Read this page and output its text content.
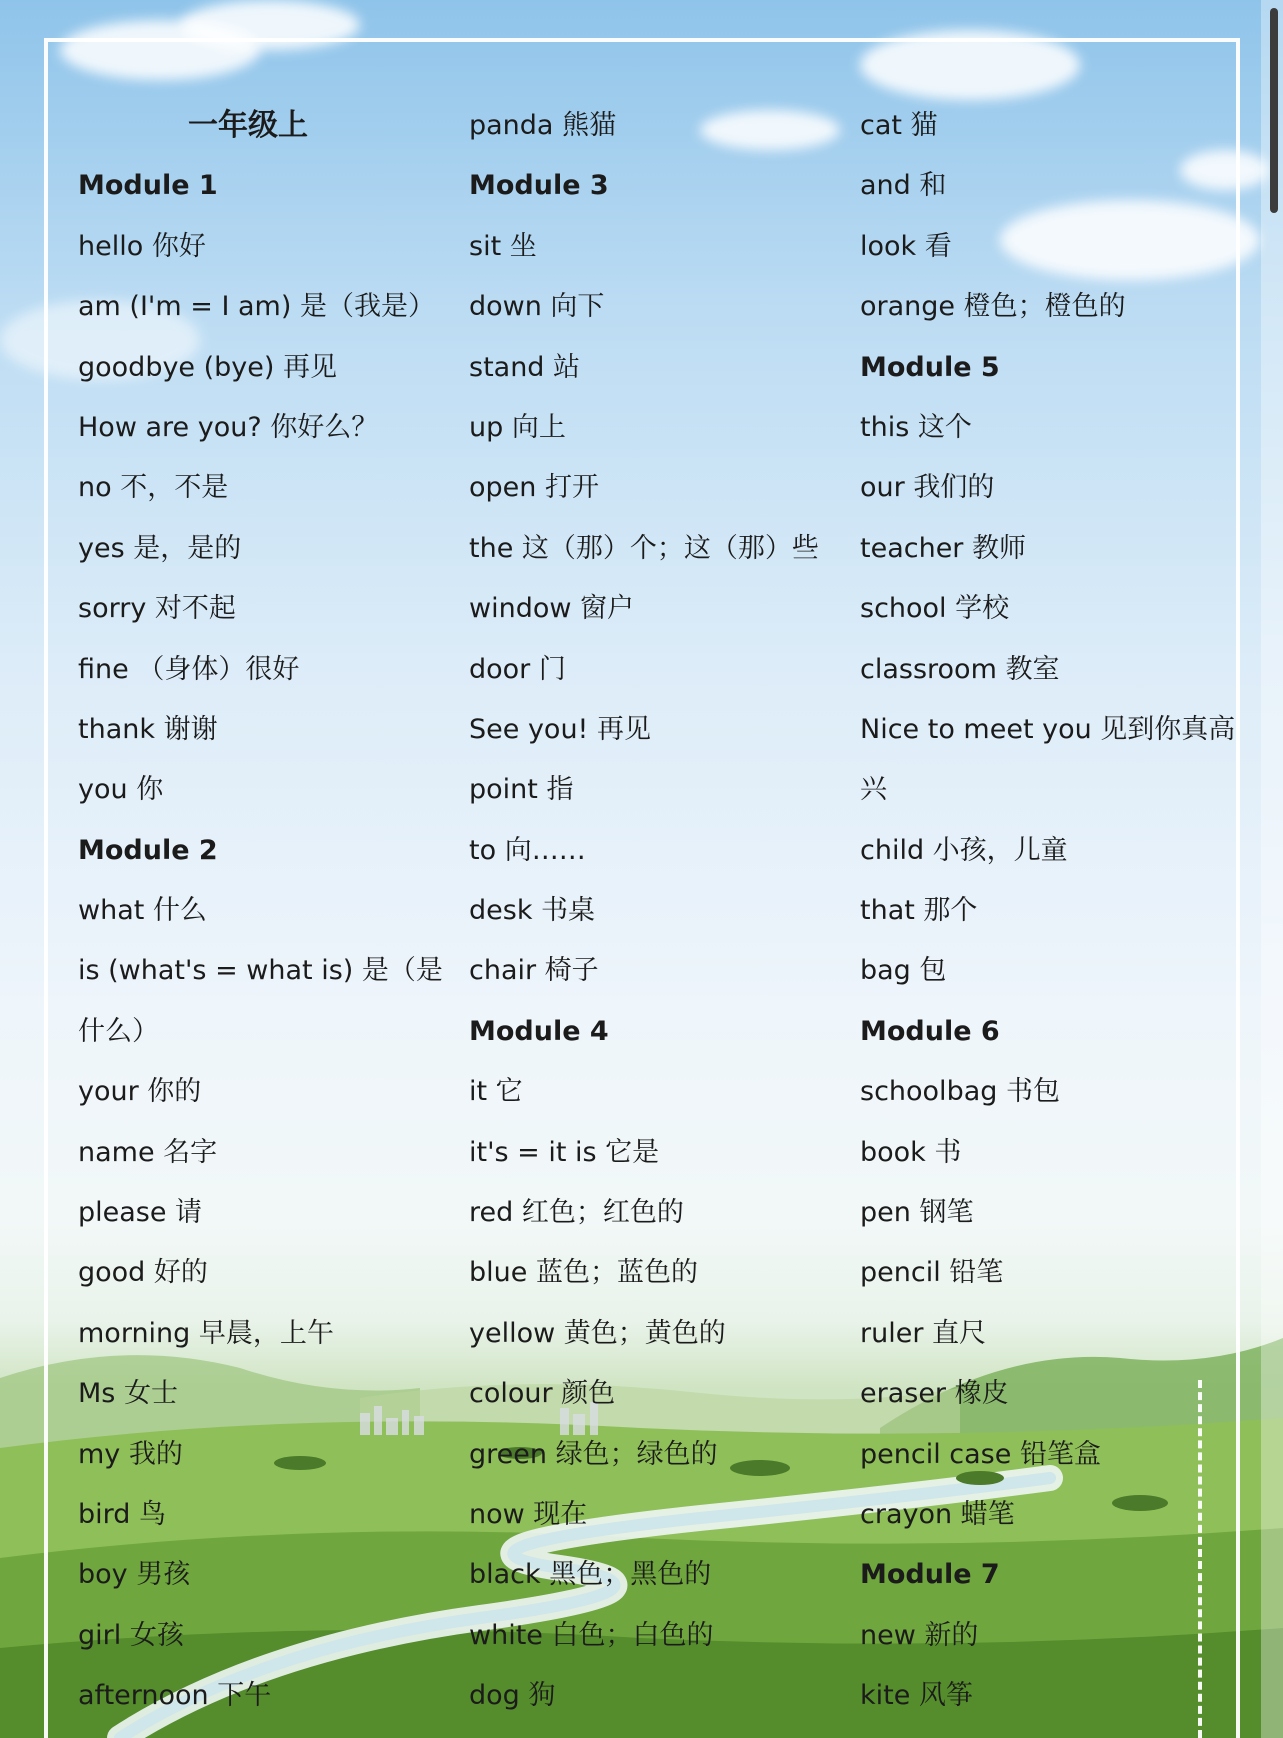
一年级上
Module 1
hello 你好
am (I'm = I am) 是（我是）
goodbye (bye) 再见
How are you? 你好么？
no 不，不是
yes 是，是的
sorry 对不起
fine （身体）很好
thank 谢谢
you 你
Module 2
what 什么
is (what's = what is) 是（是
什么）
your 你的
name 名字
please 请
good 好的
morning 早晨，上午
Ms 女士
my 我的
bird 鸟
boy 男孩
girl 女孩
afternoon 下午
panda 熊猫
Module 3
sit 坐
down 向下
stand 站
up 向上
open 打开
the 这（那）个；这（那）些
window 窗户
door 门
See you! 再见
point 指
to 向……
desk 书桌
chair 椅子
Module 4
it 它
it's = it is 它是
red 红色；红色的
blue 蓝色；蓝色的
yellow 黄色；黄色的
colour 颜色
green 绿色；绿色的
now 现在
black 黑色；黑色的
white 白色；白色的
dog 狗
cat 猫
and 和
look 看
orange 橙色；橙色的
Module 5
this 这个
our 我们的
teacher 教师
school 学校
classroom 教室
Nice to meet you 见到你真高
兴
child 小孩，儿童
that 那个
bag 包
Module 6
schoolbag 书包
book 书
pen 钢笔
pencil 铅笔
ruler 直尺
eraser 橡皮
pencil case 铅笔盒
crayon 蜡笔
Module 7
new 新的
kite 风筝
